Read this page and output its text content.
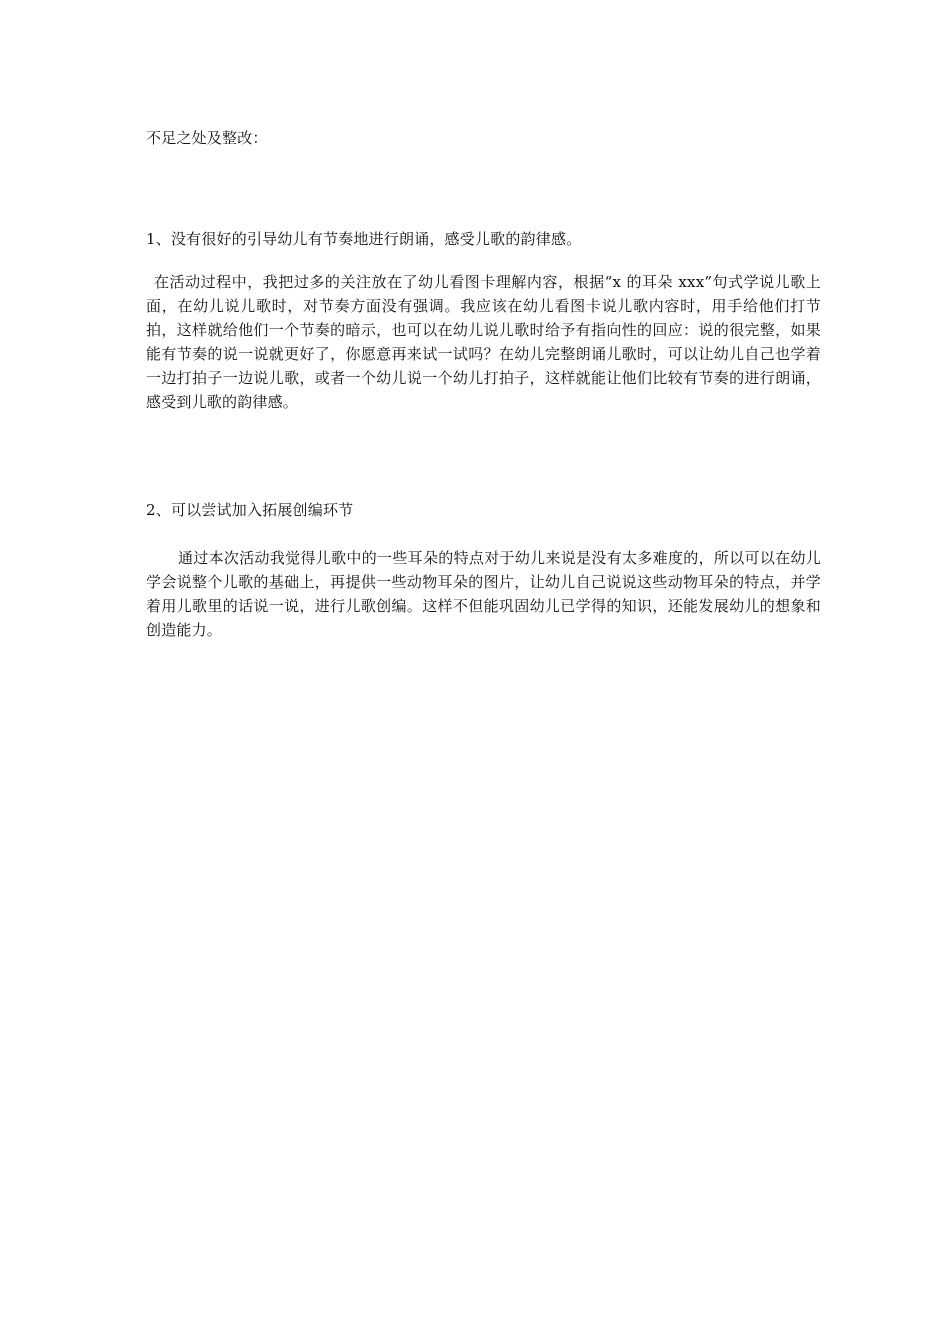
不足之处及整改：
1、没有很好的引导幼儿有节奏地进行朗诵，感受儿歌的韵律感。
在活动过程中，我把过多的关注放在了幼儿看图卡理解内容，根据“x 的耳朵 xxx”句式学说儿歌上面，在幼儿说儿歌时，对节奏方面没有强调。我应该在幼儿看图卡说儿歌内容时，用手给他们打节拍，这样就给他们一个节奏的暗示，也可以在幼儿说儿歌时给予有指向性的回应：说的很完整，如果能有节奏的说一说就更好了，你愿意再来试一试吗？在幼儿完整朗诵儿歌时，可以让幼儿自己也学着一边打拍子一边说儿歌，或者一个幼儿说一个幼儿打拍子，这样就能让他们比较有节奏的进行朗诵，感受到儿歌的韵律感。
2、可以尝试加入拓展创编环节
通过本次活动我觉得儿歌中的一些耳朵的特点对于幼儿来说是没有太多难度的，所以可以在幼儿学会说整个儿歌的基础上，再提供一些动物耳朵的图片，让幼儿自己说说这些动物耳朵的特点，并学着用儿歌里的话说一说，进行儿歌创编。这样不但能巩固幼儿已学得的知识，还能发展幼儿的想象和创造能力。
